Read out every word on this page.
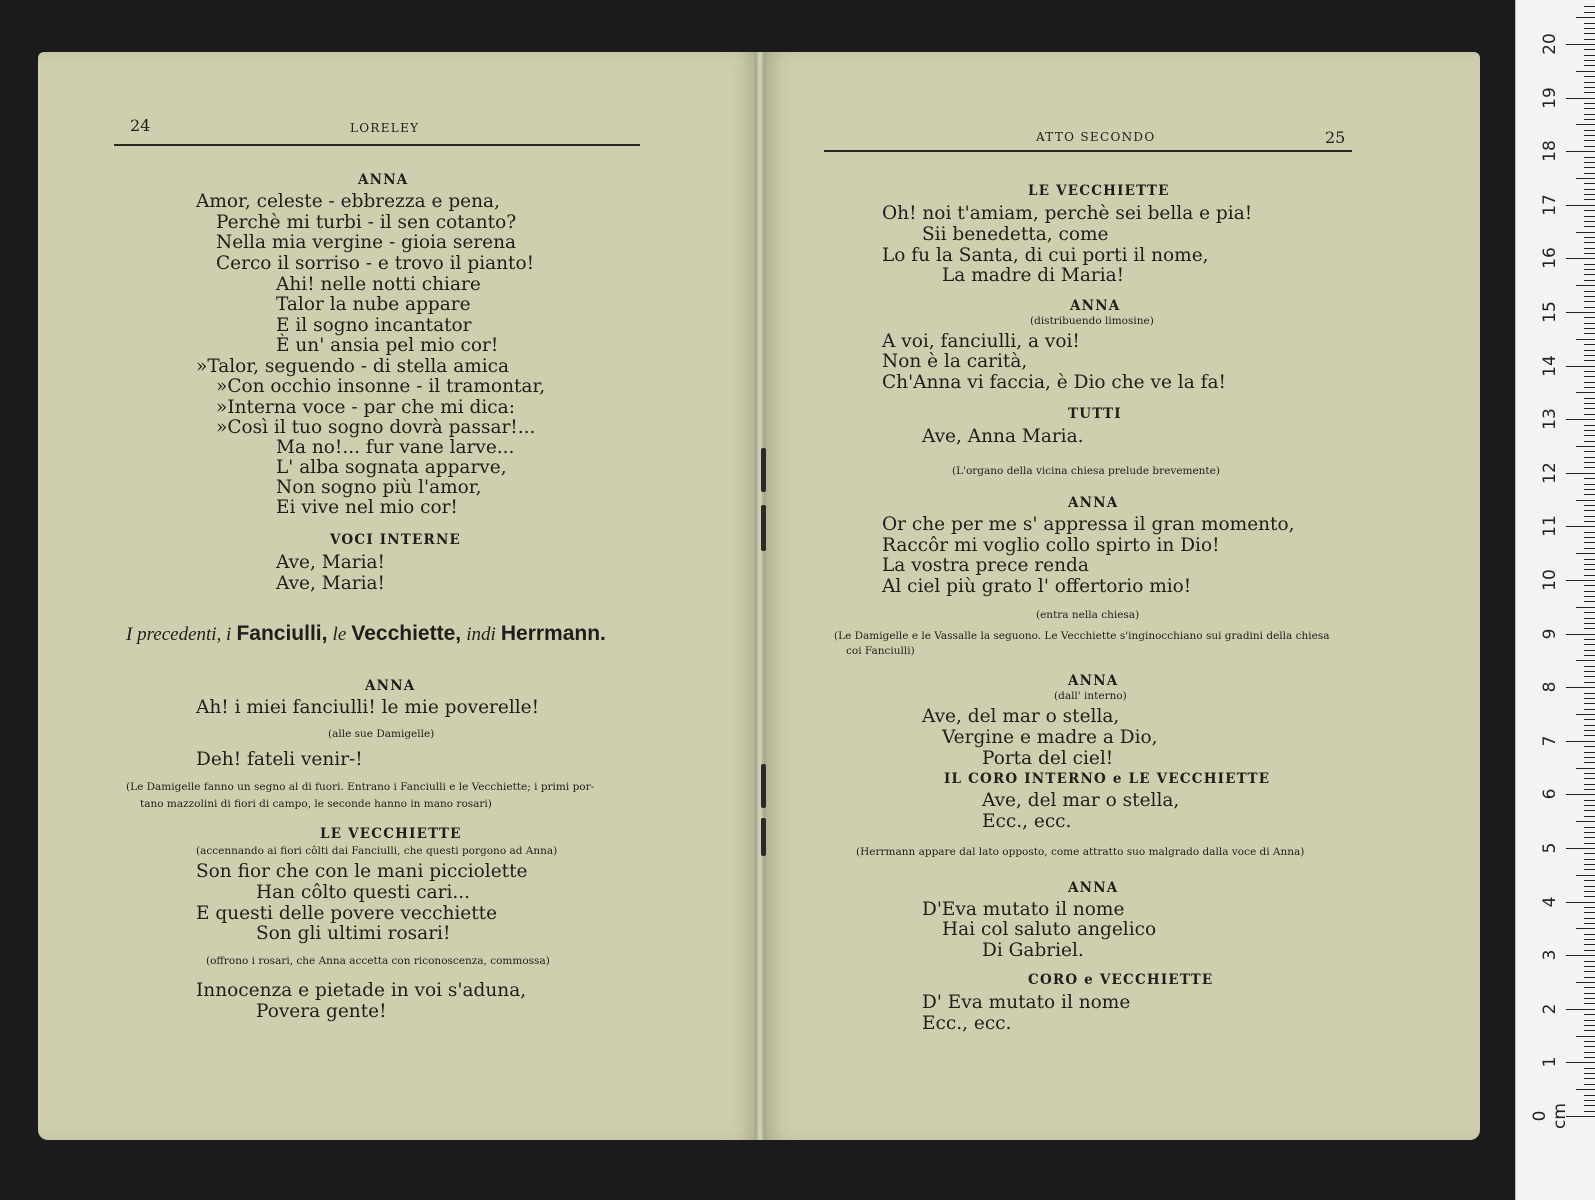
24	LORELEY
ANNA
Amor, celeste - ebbrezza e pena,
Perchè mi turbi - il sen cotanto?
Nella mia vergine - gioia serena
Cerco il sorriso - e trovo il pianto!
Ahi! nelle notti chiare
Talor la nube appare
E il sogno incantator
È un' ansia pel mio cor!
»Talor, seguendo - di stella amica
»Con occhio insonne - il tramontar,
»Interna voce - par che mi dica:
»Così il tuo sogno dovrà passar!...
Ma no!... fur vane larve...
L' alba sognata apparve,
Non sogno più l'amor,
Ei vive nel mio cor!
VOCI INTERNE
Ave, Maria!
Ave, Maria!
I precedenti, i Fanciulli, le Vecchiette, indi Herrmann.
ANNA
Ah! i miei fanciulli! le mie poverelle!
(alle sue Damigelle)
Deh! fateli venir-!
(Le Damigelle fanno un segno al di fuori. Entrano i Fanciulli e le Vecchiette; i primi por-
tano mazzolini di fiori di campo, le seconde hanno in mano rosari)
LE VECCHIETTE
(accennando ai fiori côlti dai Fanciulli, che questi porgono ad Anna)
Son fior che con le mani picciolette
Han côlto questi cari...
E questi delle povere vecchiette
Son gli ultimi rosari!
(offrono i rosari, che Anna accetta con riconoscenza, commossa)
Innocenza e pietade in voi s'aduna,
Povera gente!
ATTO SECONDO	25
LE VECCHIETTE
Oh! noi t'amiam, perchè sei bella e pia!
Sii benedetta, come
Lo fu la Santa, di cui porti il nome,
La madre di Maria!
ANNA
(distribuendo limosine)
A voi, fanciulli, a voi!
Non è la carità,
Ch'Anna vi faccia, è Dio che ve la fa!
TUTTI
Ave, Anna Maria.
(L'organo della vicina chiesa prelude brevemente)
ANNA
Or che per me s' appressa il gran momento,
Raccôr mi voglio collo spirto in Dio!
La vostra prece renda
Al ciel più grato l' offertorio mio!
(entra nella chiesa)
(Le Damigelle e le Vassalle la seguono. Le Vecchiette s'inginocchiano sui gradini della chiesa
coi Fanciulli)
ANNA
(dall' interno)
Ave, del mar o stella,
Vergine e madre a Dio,
Porta del ciel!
IL CORO INTERNO e LE VECCHIETTE
Ave, del mar o stella,
Ecc., ecc.
(Herrmann appare dal lato opposto, come attratto suo malgrado dalla voce di Anna)
ANNA
D'Eva mutato il nome
Hai col saluto angelico
Di Gabriel.
CORO e VECCHIETTE
D' Eva mutato il nome
Ecc., ecc.
0 cm
1
2
3
4
5
6
7
8
9
10
11
12
13
14
15
16
17
18
19
20
